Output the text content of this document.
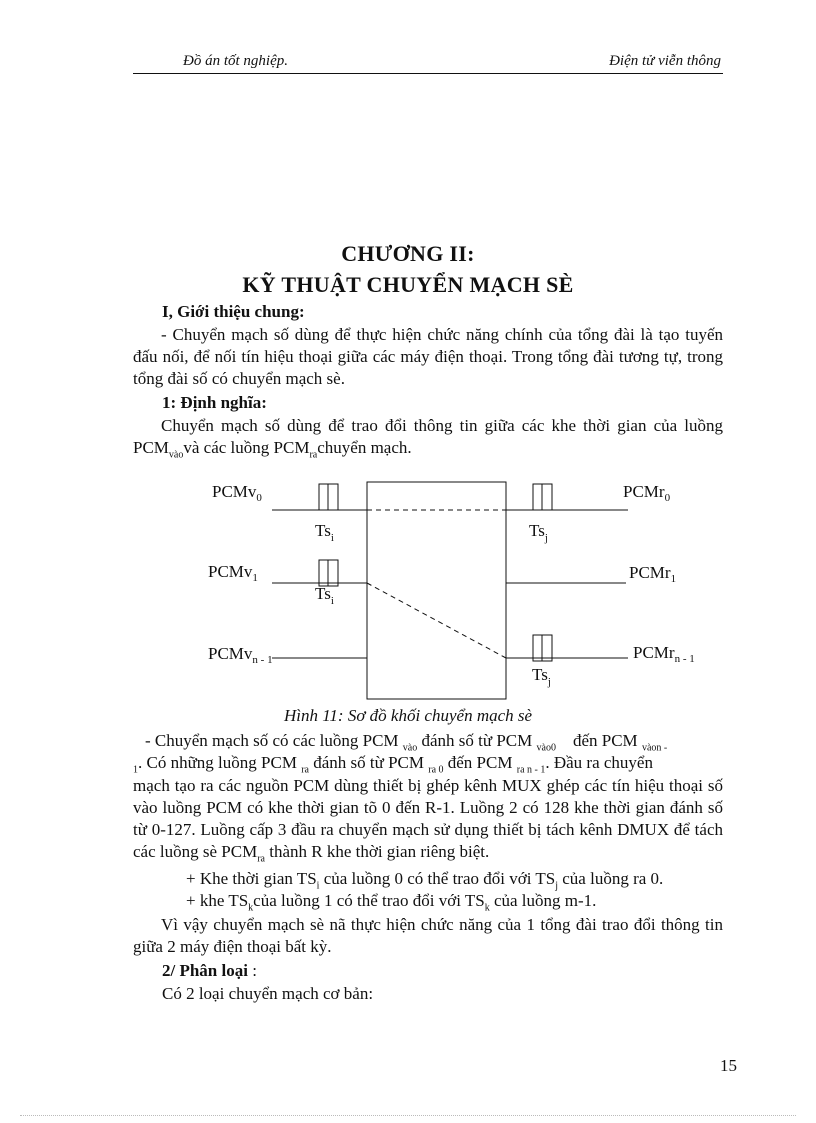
Đồ án tốt nghiệp.	Điện tử viễn thông
CHƯƠNG II:
KỸ THUẬT CHUYỂN MẠCH SÈ
I, Giới thiệu chung:
- Chuyển mạch số dùng để thực hiện chức năng chính của tổng đài là tạo tuyến đấu nối, để nối tín hiệu thoại giữa các máy điện thoại. Trong tổng đài tương tự, trong tổng đài số có chuyển mạch sè.
1: Định nghĩa:
Chuyển mạch số dùng để trao đổi thông tin giữa các khe thời gian của luồng $PCM_{vào}và$ các luồng $PCM_{ra}chuyển$ mạch.
PCMv$_0$
PCMv$_1$
PCMv$_{n - 1}$
PCMr$_0$
PCMr$_1$
PCMr$_{n - 1}$
$Ts_i$	$Ts_j$
$Ts_i$
$Ts_j$
Hình 11: Sơ đồ khối chuyển mạch sè
- Chuyển mạch số có các luồng PCM $_{vào}$ đánh số từ PCM $_{vào0}$ đến PCM $_{vàon -}$
$_1$. Có những luồng PCM $_{ra}$ đánh số từ PCM $_{ra 0}$ đến PCM $_{ra n - 1}$. Đầu ra chuyển
mạch tạo ra các nguồn PCM dùng thiết bị ghép kênh MUX ghép các tín hiệu thoại số vào luồng PCM có khe thời gian tõ 0 đến R-1. Luồng 2 có 128 khe thời gian đánh số từ 0-127. Luồng cấp 3 đầu ra chuyển mạch sử dụng thiết bị tách kênh DMUX để tách các luồng sè $PCM_{ra}$ thành R khe thời gian riêng biệt.
+ Khe thời gian $TS_i$ của luồng 0 có thể trao đổi với $TS_j$ của luồng ra 0.
+ khe $TS_kcủa$ luồng 1 có thể trao đổi với $TS_k$ của luồng m-1.
Vì vậy chuyển mạch sè nã thực hiện chức năng của 1 tổng đài trao đổi thông tin giữa 2 máy điện thoại bất kỳ.
2/ Phân loại :
Có 2 loại chuyển mạch cơ bản:
15
